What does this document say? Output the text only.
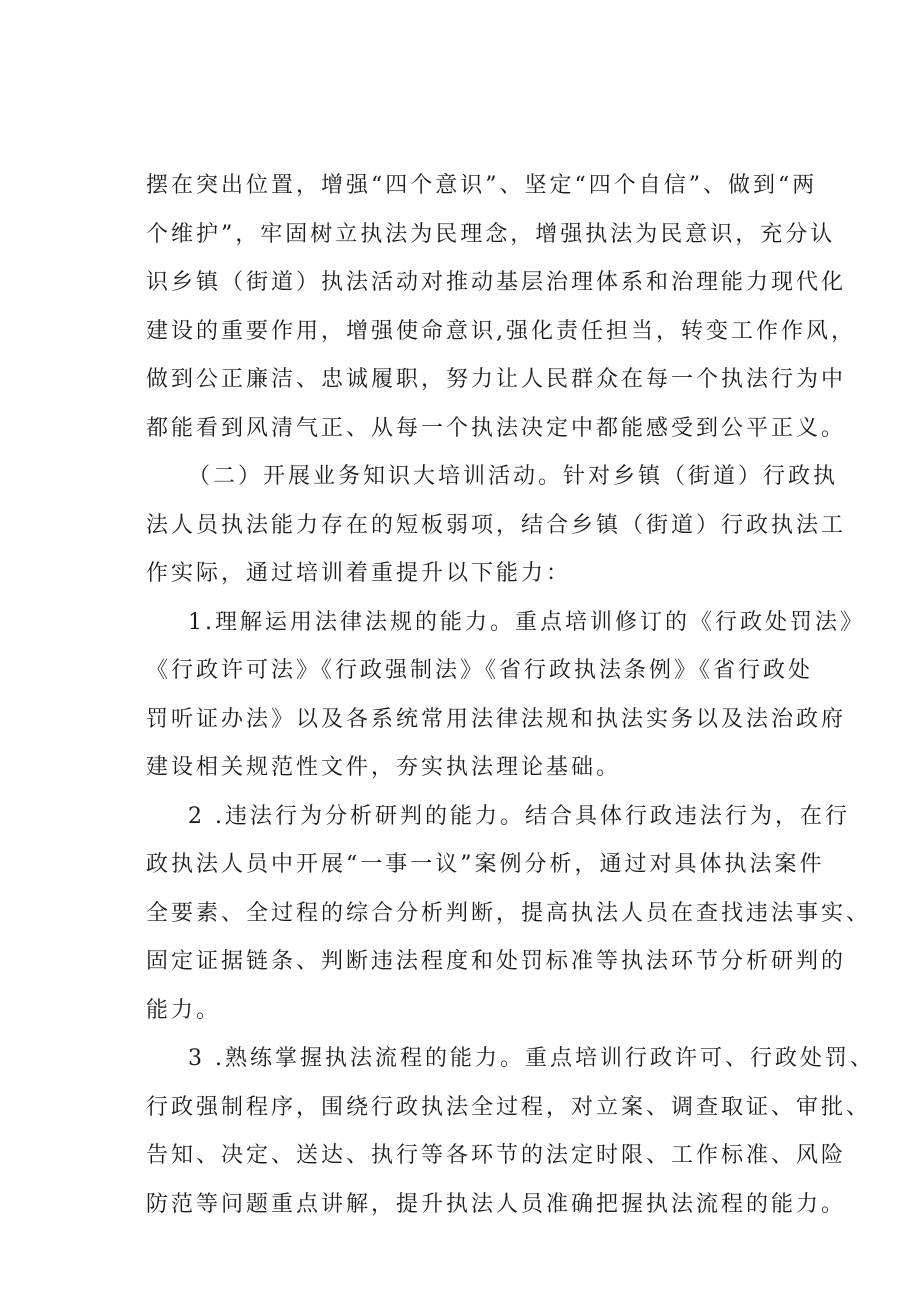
摆在突出位置，增强“四个意识”、坚定“四个自信”、做到“两
个维护”，牢固树立执法为民理念，增强执法为民意识，充分认
识乡镇（街道）执法活动对推动基层治理体系和治理能力现代化
建设的重要作用，增强使命意识,强化责任担当，转变工作作风，
做到公正廉洁、忠诚履职，努力让人民群众在每一个执法行为中
都能看到风清气正、从每一个执法决定中都能感受到公平正义。
（二）开展业务知识大培训活动。针对乡镇（街道）行政执
法人员执法能力存在的短板弱项，结合乡镇（街道）行政执法工
作实际，通过培训着重提升以下能力：
1.理解运用法律法规的能力。重点培训修订的《行政处罚法》
《行政许可法》《行政强制法》《省行政执法条例》《省行政处
罚听证办法》以及各系统常用法律法规和执法实务以及法治政府
建设相关规范性文件，夯实执法理论基础。
2 .违法行为分析研判的能力。结合具体行政违法行为，在行
政执法人员中开展“一事一议”案例分析，通过对具体执法案件
全要素、全过程的综合分析判断，提高执法人员在查找违法事实、
固定证据链条、判断违法程度和处罚标准等执法环节分析研判的
能力。
3 .熟练掌握执法流程的能力。重点培训行政许可、行政处罚、
行政强制程序，围绕行政执法全过程，对立案、调查取证、审批、
告知、决定、送达、执行等各环节的法定时限、工作标准、风险
防范等问题重点讲解，提升执法人员准确把握执法流程的能力。
